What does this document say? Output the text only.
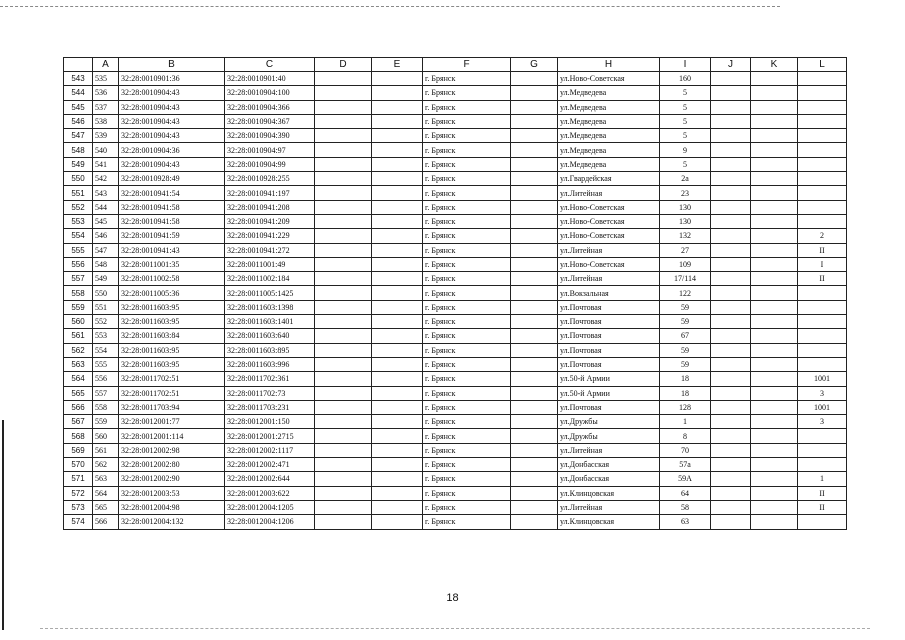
	A	B	C	D	E	F	G	H	I	J	K	L
543	535	32:28:0010901:36	32:28:0010901:40			г. Брянск		ул.Ново-Советская	160			
544	536	32:28:0010904:43	32:28:0010904:100			г. Брянск		ул.Медведева	5			
545	537	32:28:0010904:43	32:28:0010904:366			г. Брянск		ул.Медведева	5			
546	538	32:28:0010904:43	32:28:0010904:367			г. Брянск		ул.Медведева	5			
547	539	32:28:0010904:43	32:28:0010904:390			г. Брянск		ул.Медведева	5			
548	540	32:28:0010904:36	32:28:0010904:97			г. Брянск		ул.Медведева	9			
549	541	32:28:0010904:43	32:28:0010904:99			г. Брянск		ул.Медведева	5			
550	542	32:28:0010928:49	32:28:0010928:255			г. Брянск		ул.Гвардейская	2а			
551	543	32:28:0010941:54	32:28:0010941:197			г. Брянск		ул.Литейная	23			
552	544	32:28:0010941:58	32:28:0010941:208			г. Брянск		ул.Ново-Советская	130			
553	545	32:28:0010941:58	32:28:0010941:209			г. Брянск		ул.Ново-Советская	130			
554	546	32:28:0010941:59	32:28:0010941:229			г. Брянск		ул.Ново-Советская	132			2
555	547	32:28:0010941:43	32:28:0010941:272			г. Брянск		ул.Литейная	27			II
556	548	32:28:0011001:35	32:28:0011001:49			г. Брянск		ул.Ново-Советская	109			I
557	549	32:28:0011002:58	32:28:0011002:184			г. Брянск		ул.Литейная	17/114			II
558	550	32:28:0011005:36	32:28:0011005:1425			г. Брянск		ул.Вокзальная	122			
559	551	32:28:0011603:95	32:28:0011603:1398			г. Брянск		ул.Почтовая	59			
560	552	32:28:0011603:95	32:28:0011603:1401			г. Брянск		ул.Почтовая	59			
561	553	32:28:0011603:84	32:28:0011603:640			г. Брянск		ул.Почтовая	67			
562	554	32:28:0011603:95	32:28:0011603:895			г. Брянск		ул.Почтовая	59			
563	555	32:28:0011603:95	32:28:0011603:996			г. Брянск		ул.Почтовая	59			
564	556	32:28:0011702:51	32:28:0011702:361			г. Брянск		ул.50-й Армии	18			1001
565	557	32:28:0011702:51	32:28:0011702:73			г. Брянск		ул.50-й Армии	18			3
566	558	32:28:0011703:94	32:28:0011703:231			г. Брянск		ул.Почтовая	128			1001
567	559	32:28:0012001:77	32:28:0012001:150			г. Брянск		ул.Дружбы	1			3
568	560	32:28:0012001:114	32:28:0012001:2715			г. Брянск		ул.Дружбы	8			
569	561	32:28:0012002:98	32:28:0012002:1117			г. Брянск		ул.Литейная	70			
570	562	32:28:0012002:80	32:28:0012002:471			г. Брянск		ул.Донбасская	57а			
571	563	32:28:0012002:90	32:28:0012002:644			г. Брянск		ул.Донбасская	59А			1
572	564	32:28:0012003:53	32:28:0012003:622			г. Брянск		ул.Клинцовская	64			II
573	565	32:28:0012004:98	32:28:0012004:1205			г. Брянск		ул.Литейная	58			II
574	566	32:28:0012004:132	32:28:0012004:1206			г. Брянск		ул.Клинцовская	63			
18
